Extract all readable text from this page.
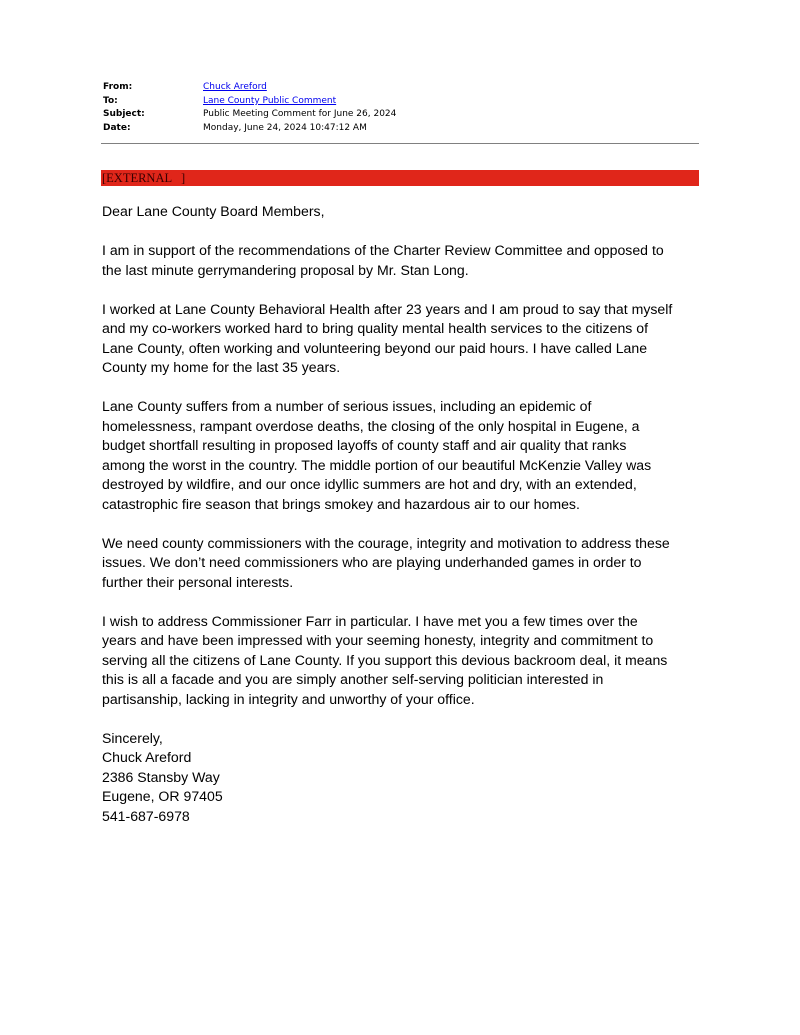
From:	Chuck Areford
To:	Lane County Public Comment
Subject:	Public Meeting Comment for June 26, 2024
Date:	Monday, June 24, 2024 10:47:12 AM
[EXTERNAL   ]

Dear Lane County Board Members,

I am in support of the recommendations of the Charter Review Committee and opposed to
the last minute gerrymandering proposal by Mr. Stan Long.

I worked at Lane County Behavioral Health after 23 years and I am proud to say that myself
and my co-workers worked hard to bring quality mental health services to the citizens of
Lane County, often working and volunteering beyond our paid hours. I have called Lane
County my home for the last 35 years.

Lane County suffers from a number of serious issues, including an epidemic of
homelessness, rampant overdose deaths, the closing of the only hospital in Eugene, a
budget shortfall resulting in proposed layoffs of county staff and air quality that ranks
among the worst in the country. The middle portion of our beautiful McKenzie Valley was
destroyed by wildfire, and our once idyllic summers are hot and dry, with an extended,
catastrophic fire season that brings smokey and hazardous air to our homes.

We need county commissioners with the courage, integrity and motivation to address these
issues. We don’t need commissioners who are playing underhanded games in order to
further their personal interests.

I wish to address Commissioner Farr in particular. I have met you a few times over the
years and have been impressed with your seeming honesty, integrity and commitment to
serving all the citizens of Lane County. If you support this devious backroom deal, it means
this is all a facade and you are simply another self-serving politician interested in
partisanship, lacking in integrity and unworthy of your office.

Sincerely,
Chuck Areford
2386 Stansby Way
Eugene, OR 97405
541-687-6978
